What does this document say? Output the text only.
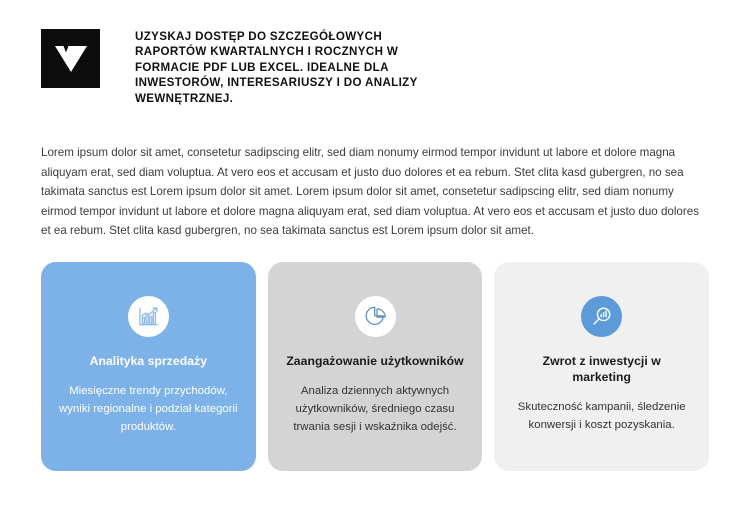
UZYSKAJ DOSTĘP DO SZCZEGÓŁOWYCH RAPORTÓW KWARTALNYCH I ROCZNYCH W FORMACIE PDF LUB EXCEL. IDEALNE DLA INWESTORÓW, INTERESARIUSZY I DO ANALIZY WEWNĘTRZNEJ.

Lorem ipsum dolor sit amet, consetetur sadipscing elitr, sed diam nonumy eirmod tempor invidunt ut labore et dolore magna aliquyam erat, sed diam voluptua. At vero eos et accusam et justo duo dolores et ea rebum. Stet clita kasd gubergren, no sea takimata sanctus est Lorem ipsum dolor sit amet. Lorem ipsum dolor sit amet, consetetur sadipscing elitr, sed diam nonumy eirmod tempor invidunt ut labore et dolore magna aliquyam erat, sed diam voluptua. At vero eos et accusam et justo duo dolores et ea rebum. Stet clita kasd gubergren, no sea takimata sanctus est Lorem ipsum dolor sit amet.

Analityka sprzedaży
Miesięczne trendy przychodów, wyniki regionalne i podział kategorii produktów.
Zaangażowanie użytkowników
Analiza dziennych aktywnych użytkowników, średniego czasu trwania sesji i wskaźnika odejść.
Zwrot z inwestycji w marketing
Skuteczność kampanii, śledzenie konwersji i koszt pozyskania.
